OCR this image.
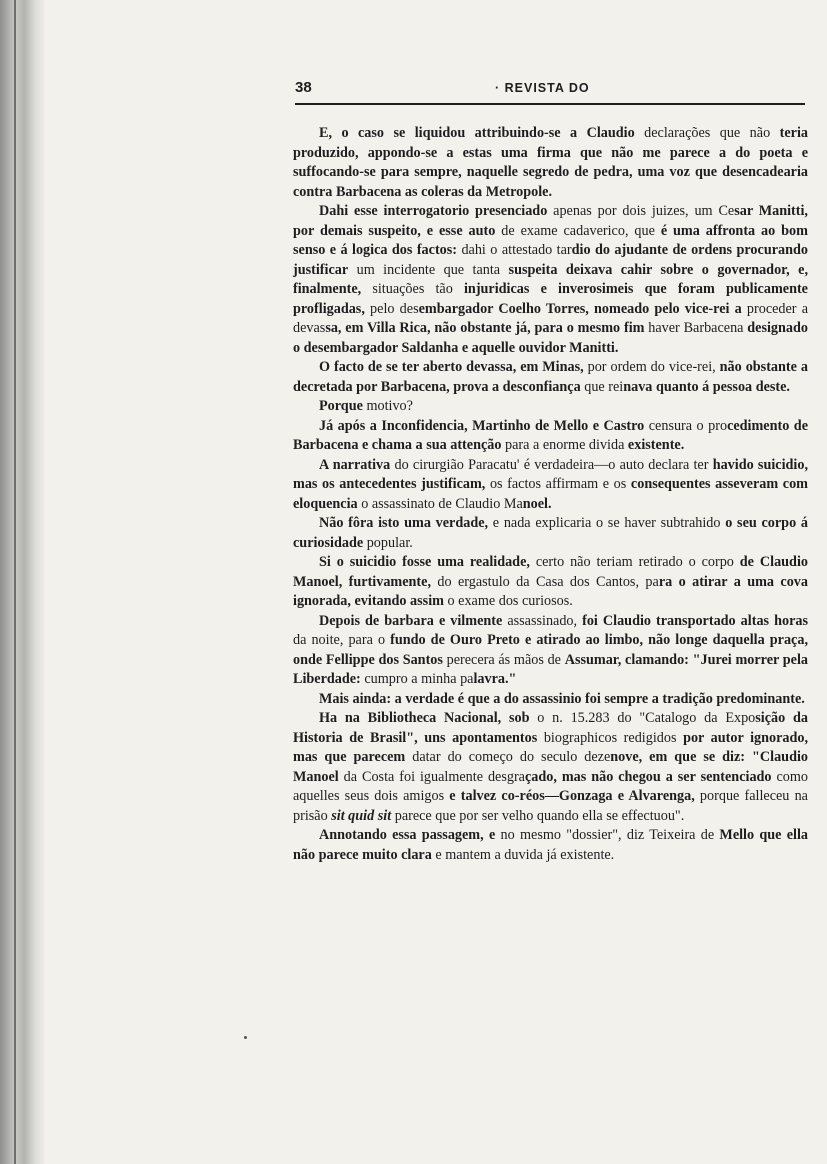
38	· REVISTA DO

E, o caso se liquidou attribuindo-se a Claudio declarações que não teria produzido, appondo-se a estas uma firma que não me parece a do poeta e suffocando-se para sempre, naquelle segredo de pedra, uma voz que desencadearia contra Barbacena as coleras da Metropole.

Dahi esse interrogatorio presenciado apenas por dois juizes, um Cesar Manitti, por demais suspeito, e esse auto de exame cadaverico, que é uma affronta ao bom senso e á logica dos factos: dahi o attestado tardio do ajudante de ordens procurando justificar um incidente que tanta suspeita deixava cahir sobre o governador, e, finalmente, situações tão injuridicas e inverosimeis que foram publicamente profligadas, pelo desembargador Coelho Torres, nomeado pelo vice-rei a proceder a devassa, em Villa Rica, não obstante já, para o mesmo fim haver Barbacena designado o desembargador Saldanha e aquelle ouvidor Manitti.

O facto de se ter aberto devassa, em Minas, por ordem do vice-rei, não obstante a decretada por Barbacena, prova a desconfiança que reinava quanto á pessoa deste.

Porque motivo?

Já após a Inconfidencia, Martinho de Mello e Castro censura o procedimento de Barbacena e chama a sua attenção para a enorme divida existente.

A narrativa do cirurgião Paracatu' é verdadeira—o auto declara ter havido suicidio, mas os antecedentes justificam, os factos affirmam e os consequentes asseveram com eloquencia o assassinato de Claudio Manoel.

Não fôra isto uma verdade, e nada explicaria o se haver subtrahido o seu corpo á curiosidade popular.

Si o suicidio fosse uma realidade, certo não teriam retirado o corpo de Claudio Manoel, furtivamente, do ergastulo da Casa dos Cantos, para o atirar a uma cova ignorada, evitando assim o exame dos curiosos.

Depois de barbara e vilmente assassinado, foi Claudio transportado altas horas da noite, para o fundo de Ouro Preto e atirado ao limbo, não longe daquella praça, onde Fellippe dos Santos perecera ás mãos de Assumar, clamando: "Jurei morrer pela Liberdade: cumpro a minha palavra."

Mais ainda: a verdade é que a do assassinio foi sempre a tradição predominante.

Ha na Bibliotheca Nacional, sob o n. 15.283 do "Catalogo da Exposição da Historia de Brasil", uns apontamentos biographicos redigidos por autor ignorado, mas que parecem datar do começo do seculo dezenove, em que se diz: "Claudio Manoel da Costa foi igualmente desgraçado, mas não chegou a ser sentenciado como aquelles seus dois amigos e talvez co-réos—Gonzaga e Alvarenga, porque falleceu na prisão sit quid sit parece que por ser velho quando ella se effectuou".

Annotando essa passagem, e no mesmo "dossier", diz Teixeira de Mello que ella não parece muito clara e mantem a duvida já existente.
